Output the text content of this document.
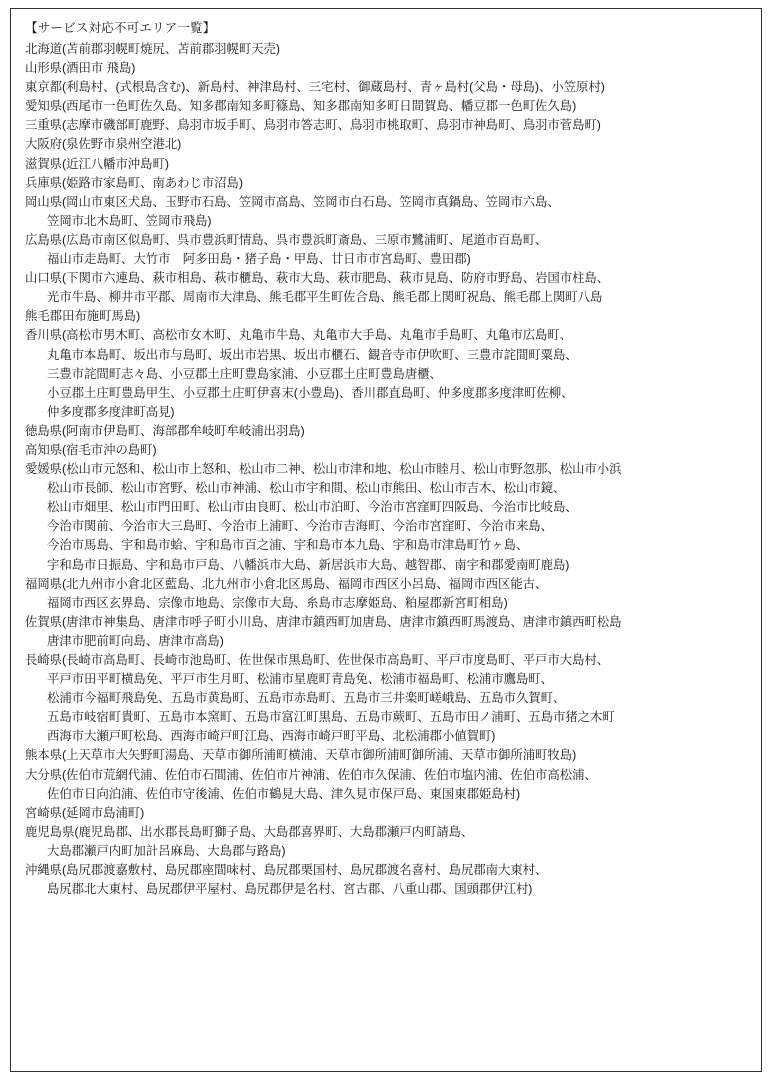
【サービス対応不可エリア一覧】
北海道(苫前郡羽幌町焼尻、苫前郡羽幌町天売)
山形県(酒田市 飛島)
東京都(利島村、(式根島含む)、新島村、神津島村、三宅村、御蔵島村、青ヶ島村(父島・母島)、小笠原村)
愛知県(西尾市一色町佐久島、知多郡南知多町篠島、知多郡南知多町日間賀島、幡豆郡一色町佐久島)
三重県(志摩市磯部町鹿野、鳥羽市坂手町、鳥羽市答志町、鳥羽市桃取町、鳥羽市神島町、鳥羽市菅島町)
大阪府(泉佐野市泉州空港北)
滋賀県(近江八幡市沖島町)
兵庫県(姫路市家島町、南あわじ市沼島)
岡山県(岡山市東区犬島、玉野市石島、笠岡市高島、笠岡市白石島、笠岡市真鍋島、笠岡市六島、
笠岡市北木島町、笠岡市飛島)
広島県(広島市南区似島町、呉市豊浜町情島、呉市豊浜町斎島、三原市鷺浦町、尾道市百島町、
福山市走島町、大竹市　阿多田島・猪子島・甲島、廿日市市宮島町、豊田郡)
山口県(下関市六連島、萩市相島、萩市櫃島、萩市大島、萩市肥島、萩市見島、防府市野島、岩国市柱島、
光市牛島、柳井市平郡、周南市大津島、熊毛郡平生町佐合島、熊毛郡上関町祝島、熊毛郡上関町八島
熊毛郡田布施町馬島)
香川県(高松市男木町、高松市女木町、丸亀市牛島、丸亀市大手島、丸亀市手島町、丸亀市広島町、
丸亀市本島町、坂出市与島町、坂出市岩黒、坂出市櫃石、観音寺市伊吹町、三豊市詫間町粟島、
三豊市詫間町志々島、小豆郡土庄町豊島家浦、小豆郡土庄町豊島唐櫃、
小豆郡土庄町豊島甲生、小豆郡土庄町伊喜末(小豊島)、香川郡直島町、仲多度郡多度津町佐柳、
仲多度郡多度津町高見)
徳島県(阿南市伊島町、海部郡牟岐町牟岐浦出羽島)
高知県(宿毛市沖の島町)
愛媛県(松山市元怒和、松山市上怒和、松山市二神、松山市津和地、松山市睦月、松山市野忽那、松山市小浜
松山市長師、松山市宮野、松山市神浦、松山市宇和間、松山市熊田、松山市吉木、松山市鏡、
松山市畑里、松山市門田町、松山市由良町、松山市泊町、今治市宮窪町四阪島、今治市比岐島、
今治市関前、今治市大三島町、今治市上浦町、今治市吉海町、今治市宮窪町、今治市来島、
今治市馬島、宇和島市蛤、宇和島市百之浦、宇和島市本九島、宇和島市津島町竹ヶ島、
宇和島市日振島、宇和島市戸島、八幡浜市大島、新居浜市大島、越智郡、南宇和郡愛南町鹿島)
福岡県(北九州市小倉北区藍島、北九州市小倉北区馬島、福岡市西区小呂島、福岡市西区能古、
福岡市西区玄界島、宗像市地島、宗像市大島、糸島市志摩姫島、粕屋郡新宮町相島)
佐賀県(唐津市神集島、唐津市呼子町小川島、唐津市鎮西町加唐島、唐津市鎮西町馬渡島、唐津市鎮西町松島
唐津市肥前町向島、唐津市高島)
長崎県(長崎市高島町、長崎市池島町、佐世保市黒島町、佐世保市高島町、平戸市度島町、平戸市大島村、
平戸市田平町横島免、平戸市生月町、松浦市星鹿町青島免、松浦市福島町、松浦市鷹島町、
松浦市今福町飛島免、五島市黄島町、五島市赤島町、五島市三井楽町嵯峨島、五島市久賀町、
五島市岐宿町貴町、五島市本窯町、五島市富江町黒島、五島市蕨町、五島市田ノ浦町、五島市猪之木町
西海市大瀬戸町松島、西海市崎戸町江島、西海市崎戸町平島、北松浦郡小値賀町)
熊本県(上天草市大矢野町湯島、天草市御所浦町横浦、天草市御所浦町御所浦、天草市御所浦町牧島)
大分県(佐伯市荒網代浦、佐伯市石間浦、佐伯市片神浦、佐伯市久保浦、佐伯市塩内浦、佐伯市高松浦、
佐伯市日向泊浦、佐伯市守後浦、佐伯市鶴見大島、津久見市保戸島、東国東郡姫島村)
宮崎県(延岡市島浦町)
鹿児島県(鹿児島郡、出水郡長島町獅子島、大島郡喜界町、大島郡瀬戸内町請島、
大島郡瀬戸内町加計呂麻島、大島郡与路島)
沖縄県(島尻郡渡嘉敷村、島尻郡座間味村、島尻郡栗国村、島尻郡渡名喜村、島尻郡南大東村、
島尻郡北大東村、島尻郡伊平屋村、島尻郡伊是名村、宮古郡、八重山郡、国頭郡伊江村)
